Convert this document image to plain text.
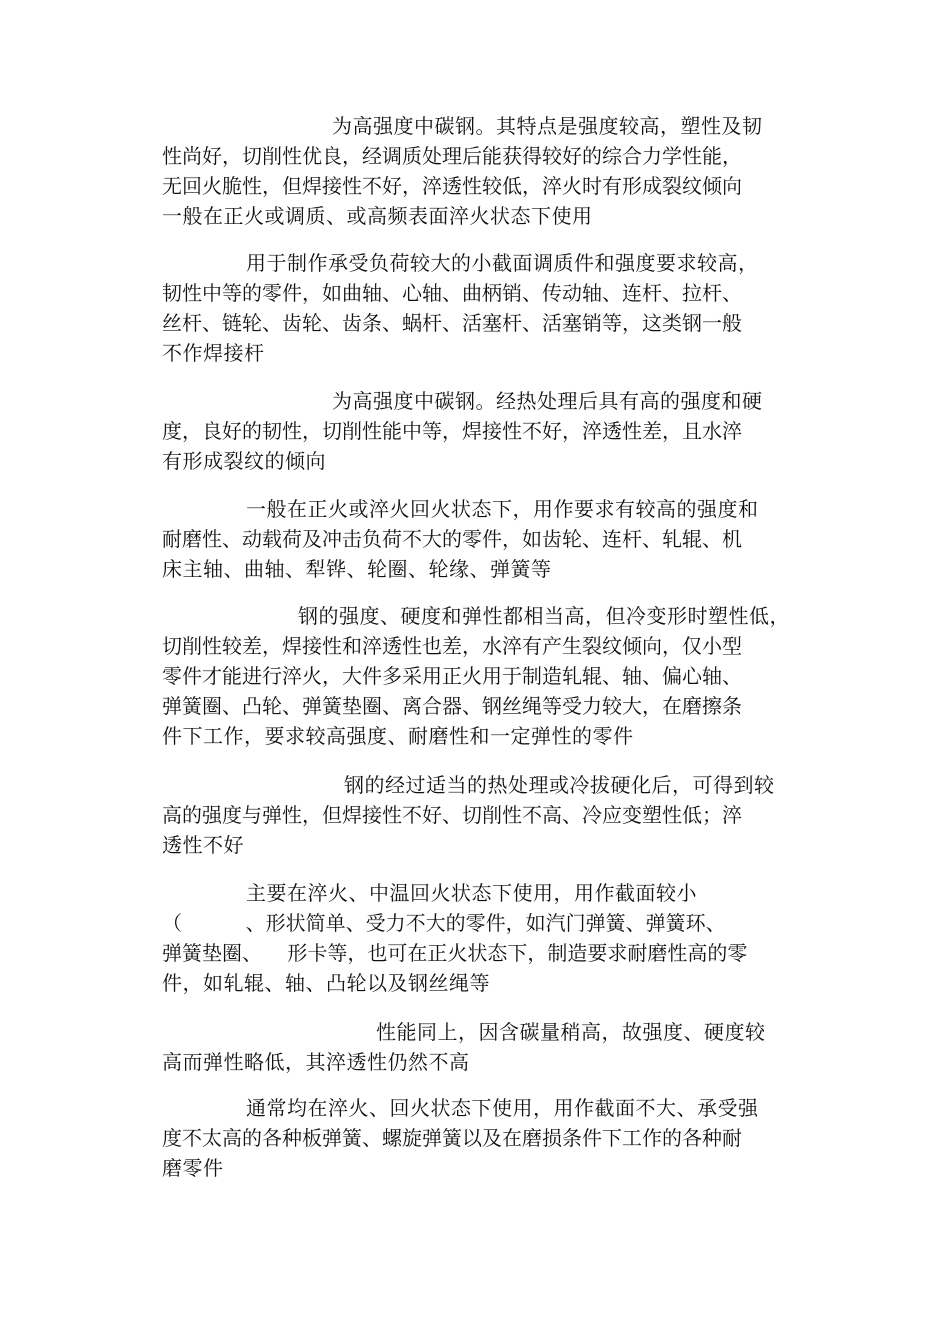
为高强度中碳钢。其特点是强度较高，塑性及韧
性尚好，切削性优良，经调质处理后能获得较好的综合力学性能，
无回火脆性，但焊接性不好，淬透性较低，淬火时有形成裂纹倾向
一般在正火或调质、或高频表面淬火状态下使用
用于制作承受负荷较大的小截面调质件和强度要求较高，
韧性中等的零件，如曲轴、心轴、曲柄销、传动轴、连杆、拉杆、
丝杆、链轮、齿轮、齿条、蜗杆、活塞杆、活塞销等，这类钢一般
不作焊接杆
为高强度中碳钢。经热处理后具有高的强度和硬
度，良好的韧性，切削性能中等，焊接性不好，淬透性差，且水淬
有形成裂纹的倾向
一般在正火或淬火回火状态下，用作要求有较高的强度和
耐磨性、动载荷及冲击负荷不大的零件，如齿轮、连杆、轧辊、机
床主轴、曲轴、犁铧、轮圈、轮缘、弹簧等
钢的强度、硬度和弹性都相当高，但冷变形时塑性低，
切削性较差，焊接性和淬透性也差，水淬有产生裂纹倾向，仅小型
零件才能进行淬火，大件多采用正火用于制造轧辊、轴、偏心轴、
弹簧圈、凸轮、弹簧垫圈、离合器、钢丝绳等受力较大，在磨擦条
件下工作，要求较高强度、耐磨性和一定弹性的零件
钢的经过适当的热处理或冷拔硬化后，可得到较
高的强度与弹性，但焊接性不好、切削性不高、冷应变塑性低；淬
透性不好
主要在淬火、中温回火状态下使用，用作截面较小
（          、形状简单、受力不大的零件，如汽门弹簧、弹簧环、
弹簧垫圈、    形卡等，也可在正火状态下，制造要求耐磨性高的零
件，如轧辊、轴、凸轮以及钢丝绳等
性能同上，因含碳量稍高，故强度、硬度较
高而弹性略低，其淬透性仍然不高
通常均在淬火、回火状态下使用，用作截面不大、承受强
度不太高的各种板弹簧、螺旋弹簧以及在磨损条件下工作的各种耐
磨零件
